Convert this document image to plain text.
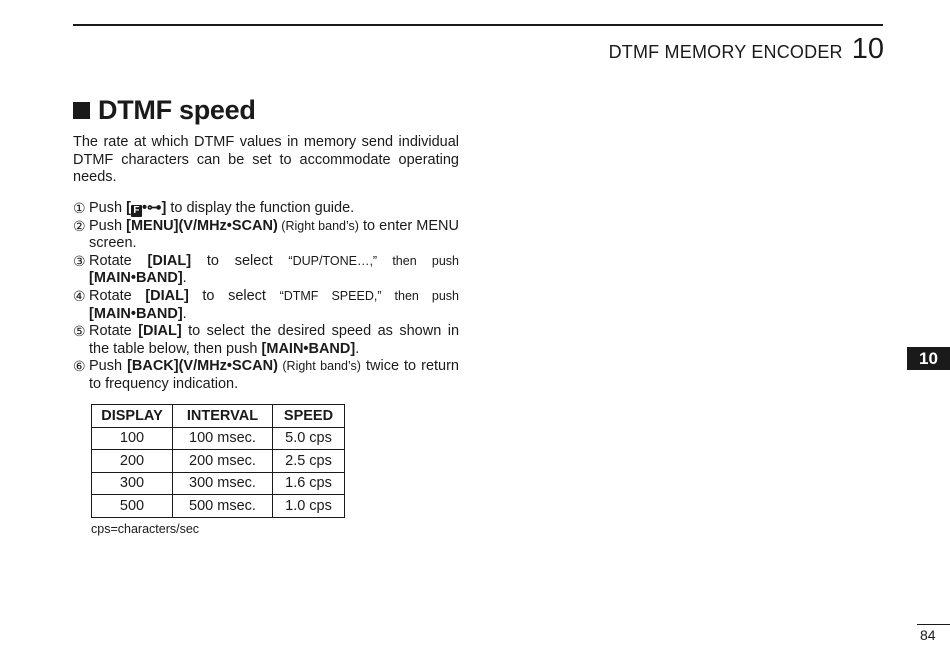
DTMF MEMORY ENCODER 10
DTMF speed

The rate at which DTMF values in memory send individual DTMF characters can be set to accommodate operating needs.

① Push [ F •⊶] to display the function guide.
② Push [MENU](V/MHz•SCAN) (Right band’s) to enter MENU screen.
③ Rotate [DIAL] to select “DUP/TONE…,” then push [MAIN•BAND].
④ Rotate [DIAL] to select “DTMF SPEED,” then push [MAIN•BAND].
⑤ Rotate [DIAL] to select the desired speed as shown in the table below, then push [MAIN•BAND].
⑥ Push [BACK](V/MHz•SCAN) (Right band’s) twice to return to frequency indication.
DISPLAY	INTERVAL	SPEED
100	100 msec.	5.0 cps
200	200 msec.	2.5 cps
300	300 msec.	1.6 cps
500	500 msec.	1.0 cps
cps=characters/sec
10
84
